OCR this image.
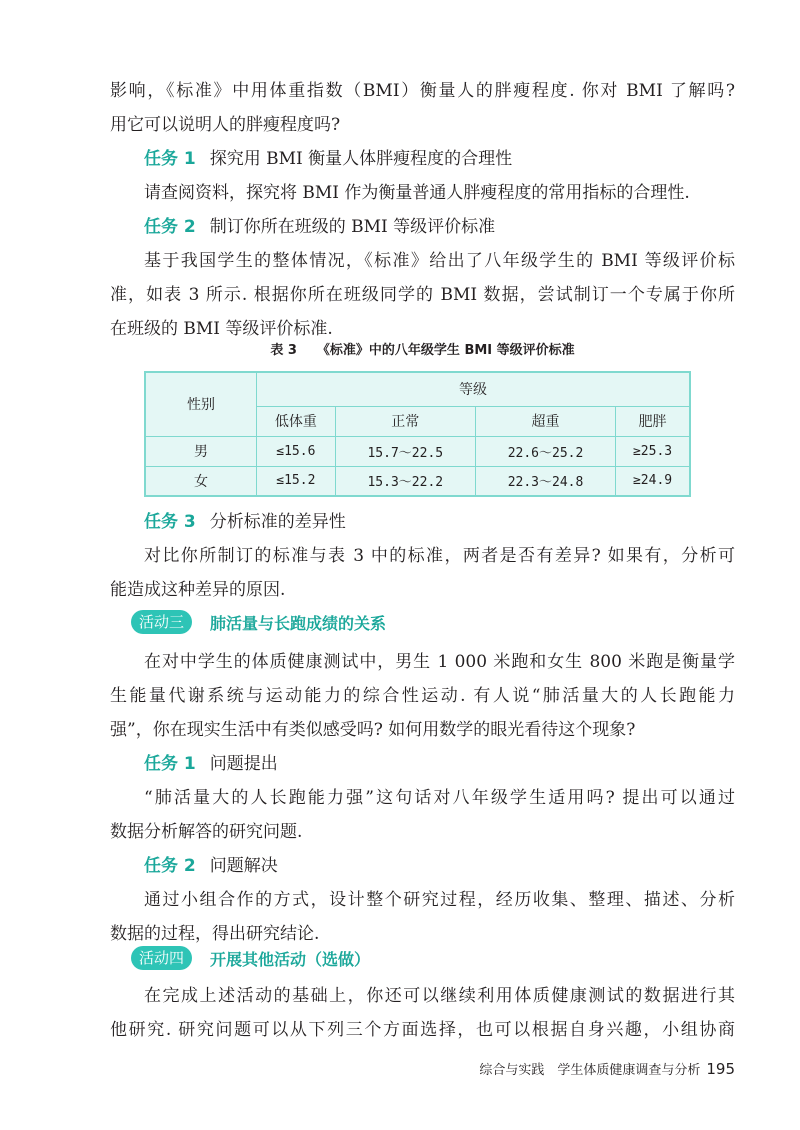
影响，《标准》中用体重指数（BMI）衡量人的胖瘦程度. 你对 BMI 了解吗?
用它可以说明人的胖瘦程度吗?
任务 1 探究用 BMI 衡量人体胖瘦程度的合理性
请查阅资料，探究将 BMI 作为衡量普通人胖瘦程度的常用指标的合理性.
任务 2 制订你所在班级的 BMI 等级评价标准
基于我国学生的整体情况，《标准》给出了八年级学生的 BMI 等级评价标
准，如表 3 所示. 根据你所在班级同学的 BMI 数据，尝试制订一个专属于你所
在班级的 BMI 等级评价标准.
表 3 《标准》中的八年级学生 BMI 等级评价标准
性别	等级			
	低体重	正常	超重	肥胖
男	≤15.6	15.7～22.5	22.6～25.2	≥25.3
女	≤15.2	15.3～22.2	22.3～24.8	≥24.9
任务 3 分析标准的差异性
对比你所制订的标准与表 3 中的标准，两者是否有差异? 如果有，分析可
能造成这种差异的原因.
活动三	肺活量与长跑成绩的关系
在对中学生的体质健康测试中，男生 1 000 米跑和女生 800 米跑是衡量学
生能量代谢系统与运动能力的综合性运动. 有人说“肺活量大的人长跑能力
强”，你在现实生活中有类似感受吗? 如何用数学的眼光看待这个现象?
任务 1 问题提出
“肺活量大的人长跑能力强”这句话对八年级学生适用吗? 提出可以通过
数据分析解答的研究问题.
任务 2 问题解决
通过小组合作的方式，设计整个研究过程，经历收集、整理、描述、分析
数据的过程，得出研究结论.
活动四	开展其他活动（选做）
在完成上述活动的基础上，你还可以继续利用体质健康测试的数据进行其
他研究. 研究问题可以从下列三个方面选择，也可以根据自身兴趣，小组协商
综合与实践　学生体质健康调查与分析 195
